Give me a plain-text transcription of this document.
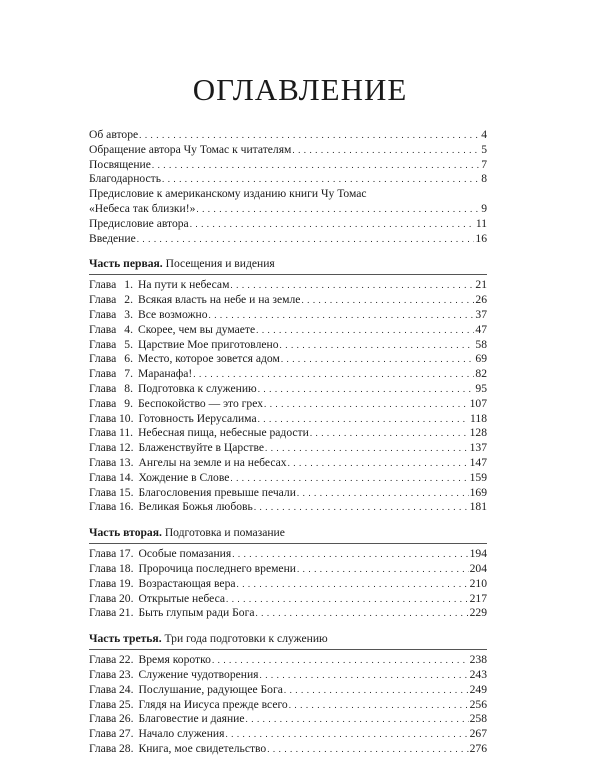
ОГЛАВЛЕНИЕ
Об авторе . . .	4
Обращение автора Чу Томас к читателям . . .	5
Посвящение . . .	7
Благодарность . . .	8
Предисловие к американскому изданию книги Чу Томас
«Небеса так близки!» . . .	9
Предисловие автора . . .	11
Введение . . .	16
Часть первая. Посещения и видения
Глава 1. На пути к небесам . . .	21
Глава 2. Всякая власть на небе и на земле . . .	26
Глава 3. Все возможно . . .	37
Глава 4. Скорее, чем вы думаете . . .	47
Глава 5. Царствие Мое приготовлено . . .	58
Глава 6. Место, которое зовется адом . . .	69
Глава 7. Маранафа! . . .	82
Глава 8. Подготовка к служению . . .	95
Глава 9. Беспокойство — это грех . . .	107
Глава 10. Готовность Иерусалима . . .	118
Глава 11. Небесная пища, небесные радости . . .	128
Глава 12. Блаженствуйте в Царстве . . .	137
Глава 13. Ангелы на земле и на небесах . . .	147
Глава 14. Хождение в Слове . . .	159
Глава 15. Благословения превыше печали . . .	169
Глава 16. Великая Божья любовь . . .	181
Часть вторая. Подготовка и помазание
Глава 17. Особые помазания . . .	194
Глава 18. Пророчица последнего времени . . .	204
Глава 19. Возрастающая вера . . .	210
Глава 20. Открытые небеса . . .	217
Глава 21. Быть глупым ради Бога . . .	229
Часть третья. Три года подготовки к служению
Глава 22. Время коротко . . .	238
Глава 23. Служение чудотворения . . .	243
Глава 24. Послушание, радующее Бога . . .	249
Глава 25. Глядя на Иисуса прежде всего . . .	256
Глава 26. Благовестие и даяние . . .	258
Глава 27. Начало служения . . .	267
Глава 28. Книга, мое свидетельство . . .	276
